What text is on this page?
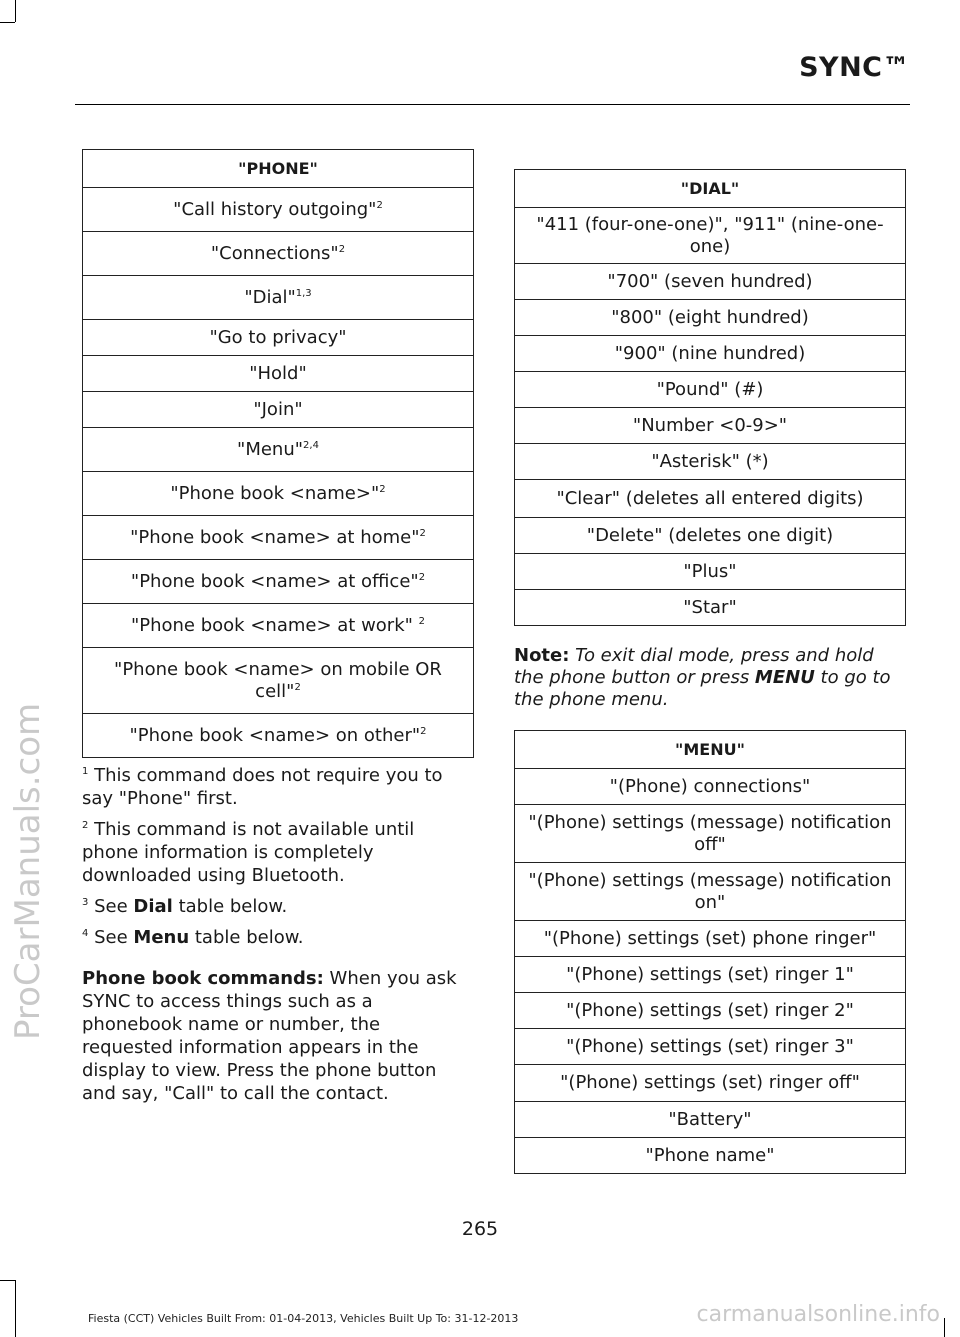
SYNC™
ProCarManuals.com
"PHONE"
"Call history outgoing"$^2$
"Connections"$^2$
"Dial"$^{1,3}$
"Go to privacy"
"Hold"
"Join"
"Menu"$^{2,4}$
"Phone book <name>"$^2$
"Phone book <name> at home"$^2$
"Phone book <name> at office"$^2$
"Phone book <name> at work" $^2$
"Phone book <name> on mobile OR cell"$^2$
"Phone book <name> on other"$^2$

$^1$ This command does not require you to say "Phone" first.

$^2$ This command is not available until phone information is completely downloaded using Bluetooth.

$^3$ See Dial table below.

$^4$ See Menu table below.

Phone book commands: When you ask SYNC to access things such as a phonebook name or number, the requested information appears in the display to view. Press the phone button and say, "Call" to call the contact.

"DIAL"
"411 (four-one-one)", "911" (nine-one-one)
"700" (seven hundred)
"800" (eight hundred)
"900" (nine hundred)
"Pound" (#)
"Number <0-9>"
"Asterisk" (*)
"Clear" (deletes all entered digits)
"Delete" (deletes one digit)
"Plus"
"Star"
Note: To exit dial mode, press and hold the phone button or press MENU to go to the phone menu.
"MENU"
"(Phone) connections"
"(Phone) settings (message) notification off"
"(Phone) settings (message) notification on"
"(Phone) settings (set) phone ringer"
"(Phone) settings (set) ringer 1"
"(Phone) settings (set) ringer 2"
"(Phone) settings (set) ringer 3"
"(Phone) settings (set) ringer off"
"Battery"
"Phone name"
265
Fiesta (CCT) Vehicles Built From: 01-04-2013, Vehicles Built Up To: 31-12-2013	carmanualsonline.info
